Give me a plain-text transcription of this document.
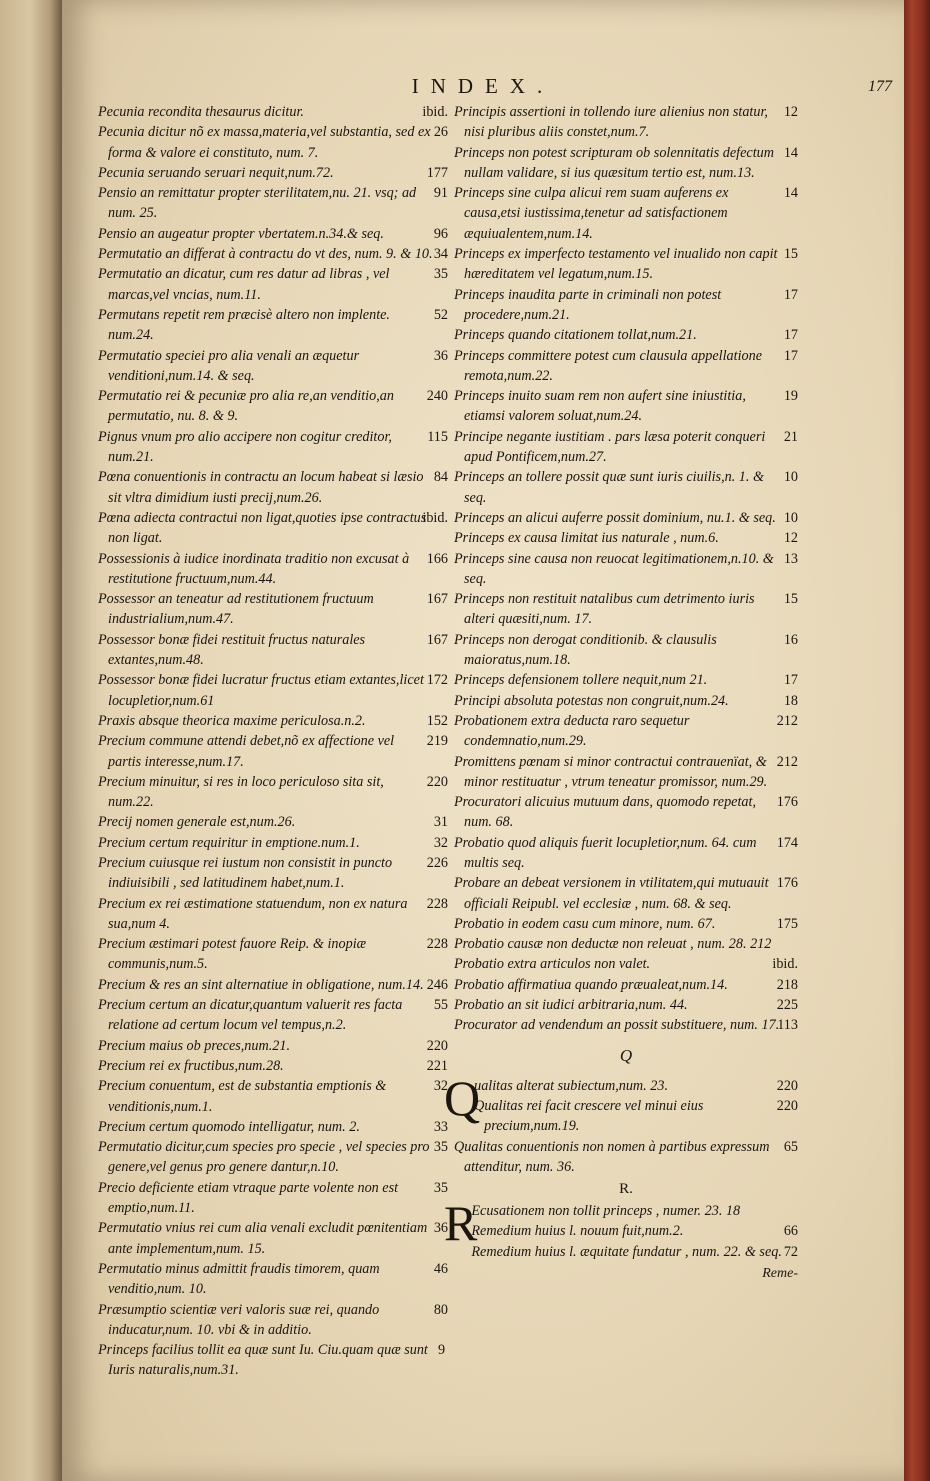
INDEX.	177
ibid.
Pecunia recondita thesaurus dicitur.
26
Pecunia dicitur nõ ex massa,materia,vel substantia, sed ex forma & valore ei constituto, num. 7.
177
Pecunia seruando seruari nequit,num.72.
91
Pensio an remittatur propter sterilitatem,nu. 21. vsq; ad num. 25.
96
Pensio an augeatur propter vbertatem.n.34.& seq.
34
Permutatio an differat à contractu do vt des, num. 9. & 10.
35
Permutatio an dicatur, cum res datur ad libras , vel marcas,vel vncias, num.11.
52
Permutans repetit rem præcisè altero non implente. num.24.
36
Permutatio speciei pro alia venali an æquetur venditioni,num.14. & seq.
240
Permutatio rei & pecuniæ pro alia re,an venditio,an permutatio, nu. 8. & 9.
115
Pignus vnum pro alio accipere non cogitur creditor, num.21.
84
Pœna conuentionis in contractu an locum habeat si læsio sit vltra dimidium iusti precij,num.26.
ibid.
Pœna adiecta contractui non ligat,quoties ipse contractus non ligat.
166
Possessionis à iudice inordinata traditio non excusat à restitutione fructuum,num.44.
167
Possessor an teneatur ad restitutionem fructuum industrialium,num.47.
167
Possessor bonæ fidei restituit fructus naturales extantes,num.48.
172
Possessor bonæ fidei lucratur fructus etiam extantes,licet locupletior,num.61
152
Praxis absque theorica maxime periculosa.n.2.
219
Precium commune attendi debet,nõ ex affectione vel partis interesse,num.17.
220
Precium minuitur, si res in loco periculoso sita sit, num.22.
31
Precij nomen generale est,num.26.
32
Precium certum requiritur in emptione.num.1.
226
Precium cuiusque rei iustum non consistit in puncto indiuisibili , sed latitudinem habet,num.1.
228
Precium ex rei æstimatione statuendum, non ex natura sua,num 4.
228
Precium æstimari potest fauore Reip. & inopiæ communis,num.5.
246
Precium & res an sint alternatiue in obligatione, num.14.
55
Precium certum an dicatur,quantum valuerit res facta relatione ad certum locum vel tempus,n.2.
220
Precium maius ob preces,num.21.
221
Precium rei ex fructibus,num.28.
32
Precium conuentum, est de substantia emptionis & venditionis,num.1.
33
Precium certum quomodo intelligatur, num. 2.
35
Permutatio dicitur,cum species pro specie , vel species pro genere,vel genus pro genere dantur,n.10.
35
Precio deficiente etiam vtraque parte volente non est emptio,num.11.
36
Permutatio vnius rei cum alia venali excludit pœnitentiam ante implementum,num. 15.
46
Permutatio minus admittit fraudis timorem, quam venditio,num. 10.
80
Præsumptio scientiæ veri valoris suæ rei, quando inducatur,num. 10. vbi & in additio.
9
Princeps facilius tollit ea quæ sunt Iu. Ciu.quam quæ sunt Iuris naturalis,num.31.
12
Principis assertioni in tollendo iure alienius non statur, nisi pluribus aliis constet,num.7.
14
Princeps non potest scripturam ob solennitatis defectum nullam validare, si ius quæsitum tertio est, num.13.
14
Princeps sine culpa alicui rem suam auferens ex causa,etsi iustissima,tenetur ad satisfactionem æquiualentem,num.14.
15
Princeps ex imperfecto testamento vel inualido non capit hæreditatem vel legatum,num.15.
17
Princeps inaudita parte in criminali non potest procedere,num.21.
17
Princeps quando citationem tollat,num.21.
17
Princeps committere potest cum clausula appellatione remota,num.22.
19
Princeps inuito suam rem non aufert sine iniustitia, etiamsi valorem soluat,num.24.
21
Principe negante iustitiam . pars læsa poterit conqueri apud Pontificem,num.27.
10
Princeps an tollere possit quæ sunt iuris ciuilis,n. 1. & seq.
10
Princeps an alicui auferre possit dominium, nu.1. & seq.
12
Princeps ex causa limitat ius naturale , num.6.
13
Princeps sine causa non reuocat legitimationem,n.10. & seq.
15
Princeps non restituit natalibus cum detrimento iuris alteri quæsiti,num. 17.
16
Princeps non derogat conditionib. & clausulis maioratus,num.18.
17
Princeps defensionem tollere nequit,num 21.
18
Principi absoluta potestas non congruit,num.24.
212
Probationem extra deducta raro sequetur condemnatio,num.29.
212
Promittens pœnam si minor contractui contrauenïat, & minor restituatur , vtrum teneatur promissor, num.29.
176
Procuratori alicuius mutuum dans, quomodo repetat, num. 68.
174
Probatio quod aliquis fuerit locupletior,num. 64. cum multis seq.
176
Probare an debeat versionem in vtilitatem,qui mutuauit officiali Reipubl. vel ecclesiæ , num. 68. & seq.
175
Probatio in eodem casu cum minore, num. 67.
Probatio causæ non deductæ non releuat , num. 28. 212
ibid.
Probatio extra articulos non valet.
218
Probatio affirmatiua quando præualeat,num.14.
225
Probatio an sit iudici arbitraria,num. 44.
113
Procurator ad vendendum an possit substituere, num. 17.
Q
Q	220
ualitas alterat subiectum,num. 23.
220
Qualitas rei facit crescere vel minui eius precium,num.19.
65
Qualitas conuentionis non nomen à partibus expressum attenditur, num. 36.
R.
R
Ecusationem non tollit princeps , numer. 23. 18
66
Remedium huius l. nouum fuit,num.2.
72
Remedium huius l. æquitate fundatur , num. 22. & seq.
Reme-
